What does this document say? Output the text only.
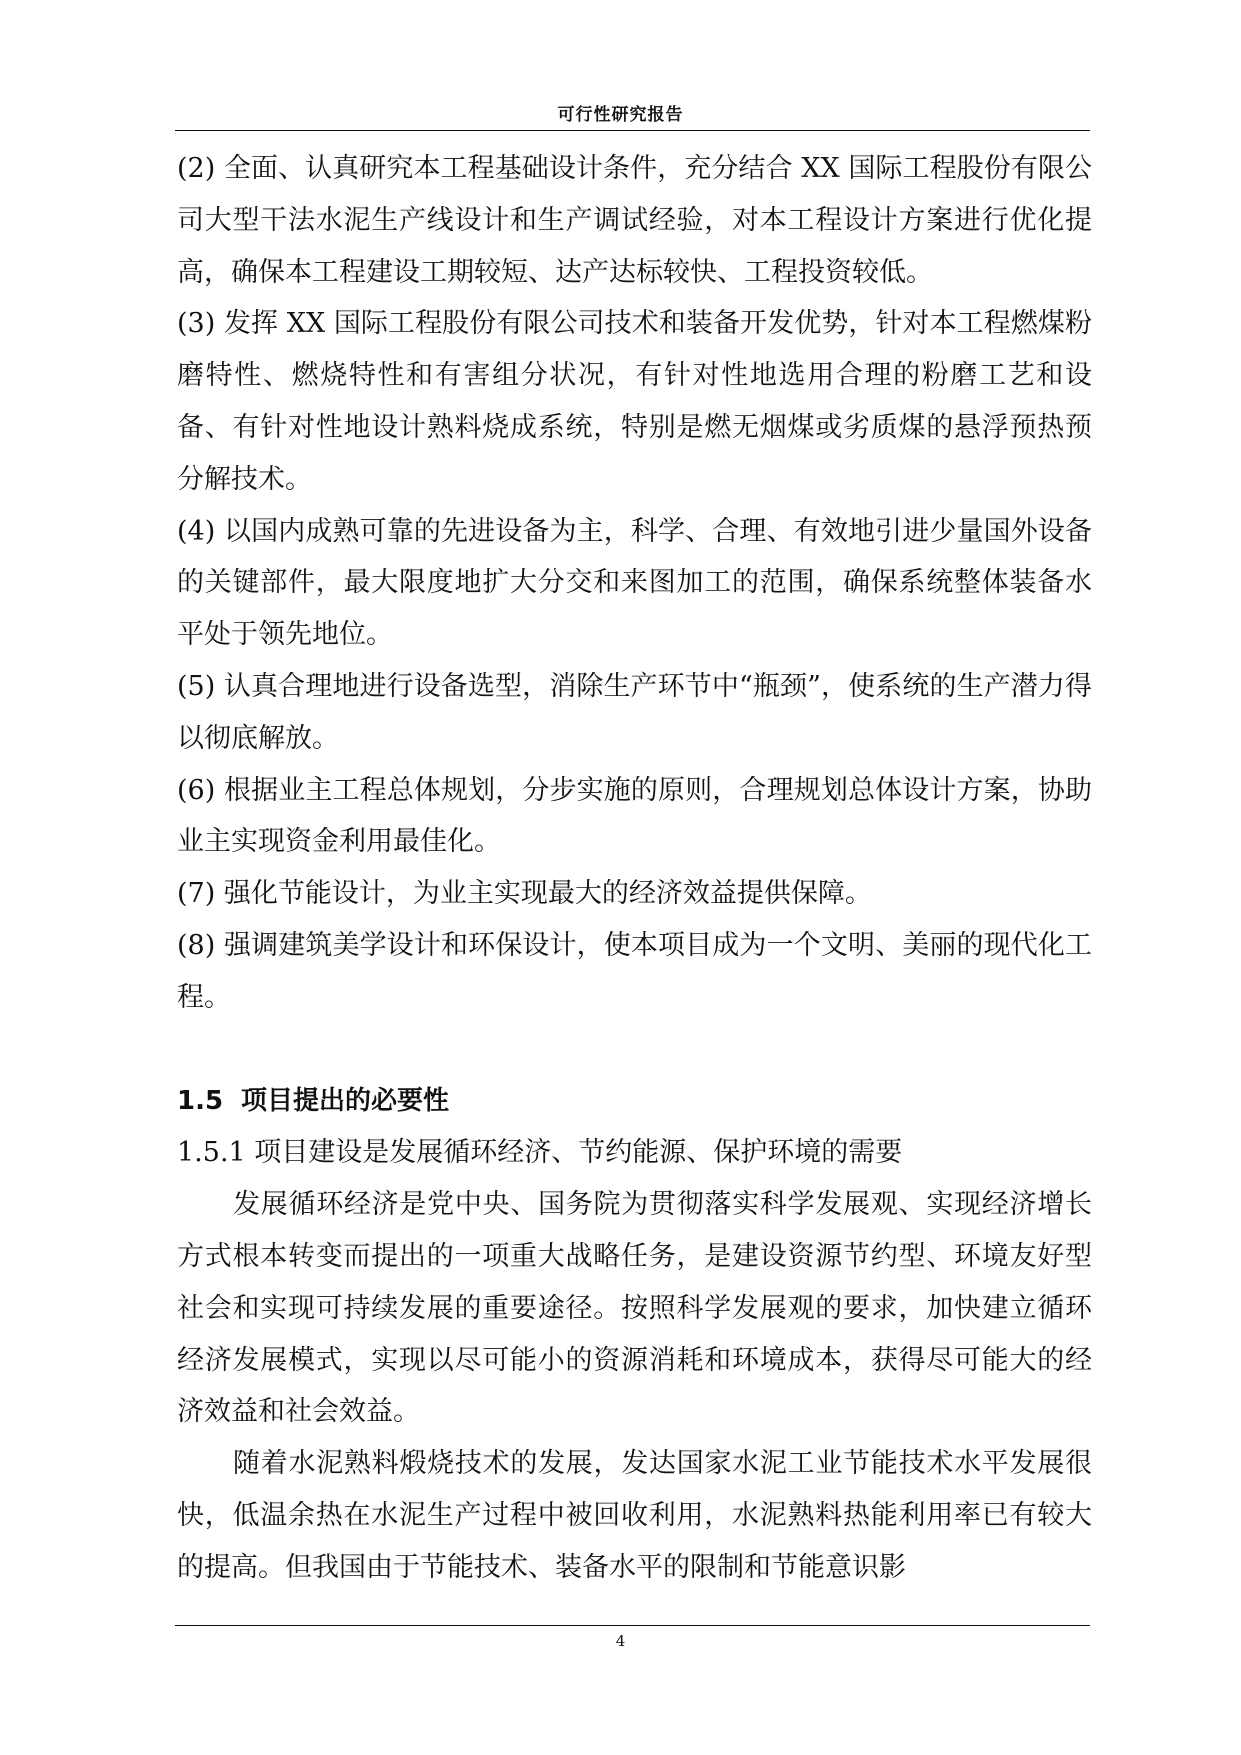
可行性研究报告

(2) 全面、认真研究本工程基础设计条件，充分结合 XX 国际工程股份有限公司大型干法水泥生产线设计和生产调试经验，对本工程设计方案进行优化提高，确保本工程建设工期较短、达产达标较快、工程投资较低。

(3) 发挥 XX 国际工程股份有限公司技术和装备开发优势，针对本工程燃煤粉磨特性、燃烧特性和有害组分状况，有针对性地选用合理的粉磨工艺和设备、有针对性地设计熟料烧成系统，特别是燃无烟煤或劣质煤的悬浮预热预分解技术。

(4) 以国内成熟可靠的先进设备为主，科学、合理、有效地引进少量国外设备的关键部件，最大限度地扩大分交和来图加工的范围，确保系统整体装备水平处于领先地位。

(5) 认真合理地进行设备选型，消除生产环节中“瓶颈”，使系统的生产潜力得以彻底解放。

(6) 根据业主工程总体规划，分步实施的原则，合理规划总体设计方案，协助业主实现资金利用最佳化。

(7) 强化节能设计，为业主实现最大的经济效益提供保障。

(8) 强调建筑美学设计和环保设计，使本项目成为一个文明、美丽的现代化工程。

1.5 项目提出的必要性

1.5.1 项目建设是发展循环经济、节约能源、保护环境的需要

发展循环经济是党中央、国务院为贯彻落实科学发展观、实现经济增长方式根本转变而提出的一项重大战略任务，是建设资源节约型、环境友好型社会和实现可持续发展的重要途径。按照科学发展观的要求，加快建立循环经济发展模式，实现以尽可能小的资源消耗和环境成本，获得尽可能大的经济效益和社会效益。

随着水泥熟料煅烧技术的发展，发达国家水泥工业节能技术水平发展很快，低温余热在水泥生产过程中被回收利用，水泥熟料热能利用率已有较大的提高。但我国由于节能技术、装备水平的限制和节能意识影

4
